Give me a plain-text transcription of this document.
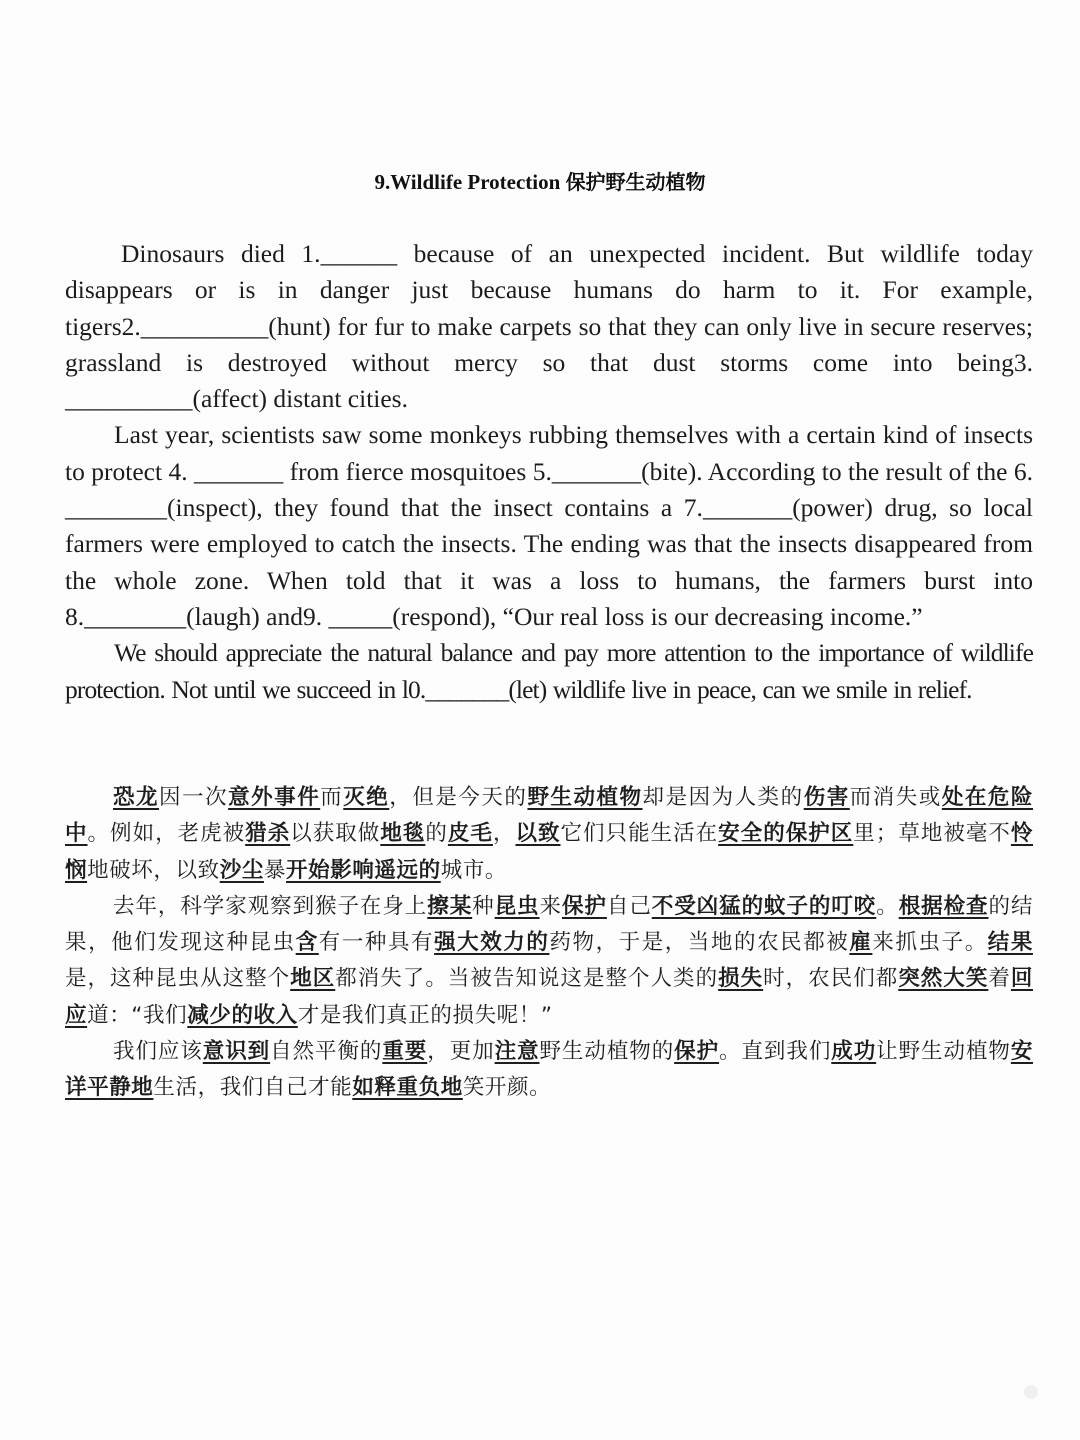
9.Wildlife Protection 保护野生动植物

Dinosaurs died 1.______ because of an unexpected incident. But wildlife today disappears or is in danger just because humans do harm to it. For example, tigers2.__________(hunt) for fur to make carpets so that they can only live in secure reserves; grassland is destroyed without mercy so that dust storms come into being3. __________(affect) distant cities.

Last year, scientists saw some monkeys rubbing themselves with a certain kind of insects to protect 4. _______ from fierce mosquitoes 5._______(bite). According to the result of the 6. ________(inspect), they found that the insect contains a 7._______(power) drug, so local farmers were employed to catch the insects. The ending was that the insects disappeared from the whole zone. When told that it was a loss to humans, the farmers burst into 8.________(laugh) and9. _____(respond), “Our real loss is our decreasing income.”

We should appreciate the natural balance and pay more attention to the importance of wildlife protection. Not until we succeed in l0._______(let) wildlife live in peace, can we smile in relief.

恐龙因一次意外事件而灭绝，但是今天的野生动植物却是因为人类的伤害而消失或处在危险中。例如，老虎被猎杀以获取做地毯的皮毛，以致它们只能生活在安全的保护区里；草地被毫不怜悯地破坏，以致沙尘暴开始影响遥远的城市。

去年，科学家观察到猴子在身上擦某种昆虫来保护自己不受凶猛的蚊子的叮咬。根据检查的结果，他们发现这种昆虫含有一种具有强大效力的药物，于是，当地的农民都被雇来抓虫子。结果是，这种昆虫从这整个地区都消失了。当被告知说这是整个人类的损失时，农民们都突然大笑着回应道：“我们减少的收入才是我们真正的损失呢！”

我们应该意识到自然平衡的重要，更加注意野生动植物的保护。直到我们成功让野生动植物安详平静地生活，我们自己才能如释重负地笑开颜。
